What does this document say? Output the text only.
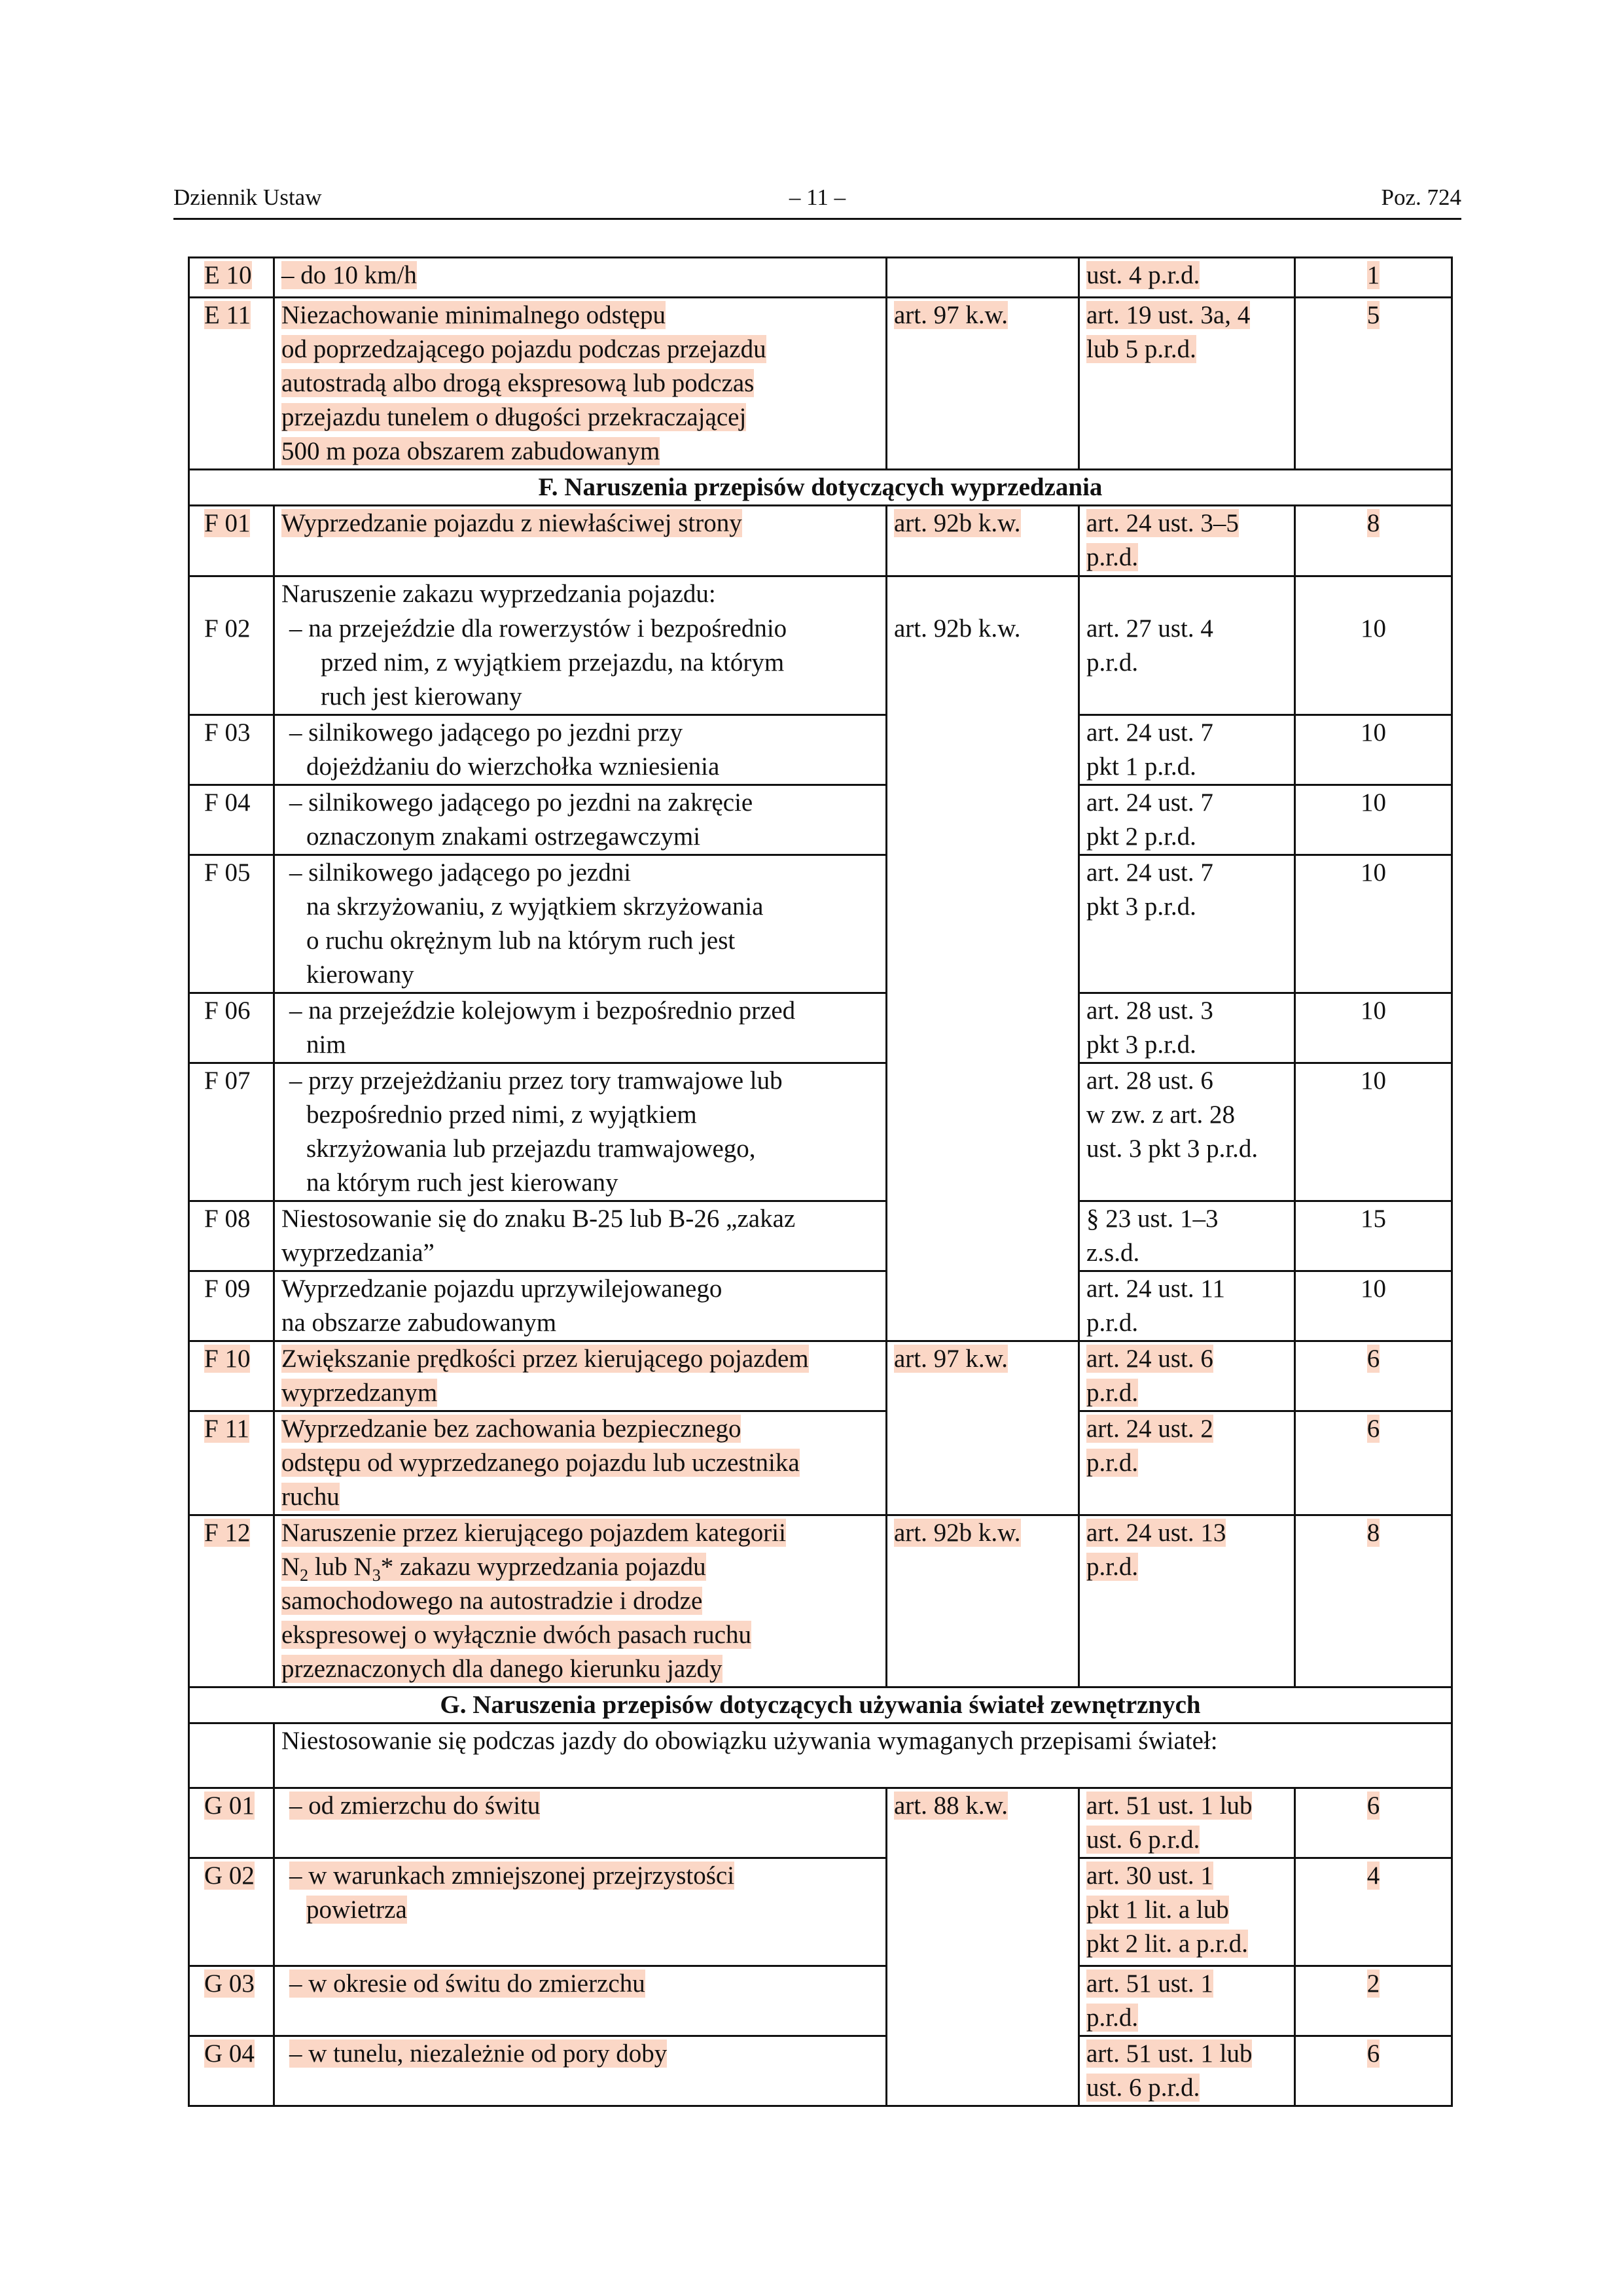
Dziennik Ustaw	– 11 –	Poz. 724
E 10	– do 10 km/h		ust. 4 p.r.d.	1
E 11	Niezachowanie minimalnego odstępu
od poprzedzającego pojazdu podczas przejazdu
autostradą albo drogą ekspresową lub podczas
przejazdu tunelem o długości przekraczającej
500 m poza obszarem zabudowanym	art. 97 k.w.	art. 19 ust. 3a, 4
lub 5 p.r.d.	5
F. Naruszenia przepisów dotyczących wyprzedzania				
F 01	Wyprzedzanie pojazdu z niewłaściwej strony	art. 92b k.w.	art. 24 ust. 3–5
p.r.d.	8
	Naruszenie zakazu wyprzedzania pojazdu:			
F 02	– na przejeździe dla rowerzystów i bezpośrednio
przed nim, z wyjątkiem przejazdu, na którym
ruch jest kierowany	art. 92b k.w.	art. 27 ust. 4
p.r.d.	10
F 03	– silnikowego jadącego po jezdni przy
dojeżdżaniu do wierzchołka wzniesienia		art. 24 ust. 7
pkt 1 p.r.d.	10
F 04	– silnikowego jadącego po jezdni na zakręcie
oznaczonym znakami ostrzegawczymi		art. 24 ust. 7
pkt 2 p.r.d.	10
F 05	– silnikowego jadącego po jezdni
na skrzyżowaniu, z wyjątkiem skrzyżowania
o ruchu okrężnym lub na którym ruch jest
kierowany		art. 24 ust. 7
pkt 3 p.r.d.	10
F 06	– na przejeździe kolejowym i bezpośrednio przed
nim		art. 28 ust. 3
pkt 3 p.r.d.	10
F 07	– przy przejeżdżaniu przez tory tramwajowe lub
bezpośrednio przed nimi, z wyjątkiem
skrzyżowania lub przejazdu tramwajowego,
na którym ruch jest kierowany		art. 28 ust. 6
w zw. z art. 28
ust. 3 pkt 3 p.r.d.	10
F 08	Niestosowanie się do znaku B-25 lub B-26 „zakaz
wyprzedzania”		§ 23 ust. 1–3
z.s.d.	15
F 09	Wyprzedzanie pojazdu uprzywilejowanego
na obszarze zabudowanym		art. 24 ust. 11
p.r.d.	10
F 10	Zwiększanie prędkości przez kierującego pojazdem
wyprzedzanym	art. 97 k.w.	art. 24 ust. 6
p.r.d.	6
F 11	Wyprzedzanie bez zachowania bezpiecznego
odstępu od wyprzedzanego pojazdu lub uczestnika
ruchu		art. 24 ust. 2
p.r.d.	6
F 12	Naruszenie przez kierującego pojazdem kategorii
$N_2$ lub $N_3*$ zakazu wyprzedzania pojazdu
samochodowego na autostradzie i drodze
ekspresowej o wyłącznie dwóch pasach ruchu
przeznaczonych dla danego kierunku jazdy	art. 92b k.w.	art. 24 ust. 13
p.r.d.	8
G. Naruszenia przepisów dotyczących używania świateł zewnętrznych				
	Niestosowanie się podczas jazdy do obowiązku używania wymaganych przepisami świateł:			
G 01	– od zmierzchu do świtu	art. 88 k.w.	art. 51 ust. 1 lub
ust. 6 p.r.d.	6
G 02	– w warunkach zmniejszonej przejrzystości
powietrza		art. 30 ust. 1
pkt 1 lit. a lub
pkt 2 lit. a p.r.d.	4
G 03	– w okresie od świtu do zmierzchu		art. 51 ust. 1
p.r.d.	2
G 04	– w tunelu, niezależnie od pory doby		art. 51 ust. 1 lub
ust. 6 p.r.d.	6
